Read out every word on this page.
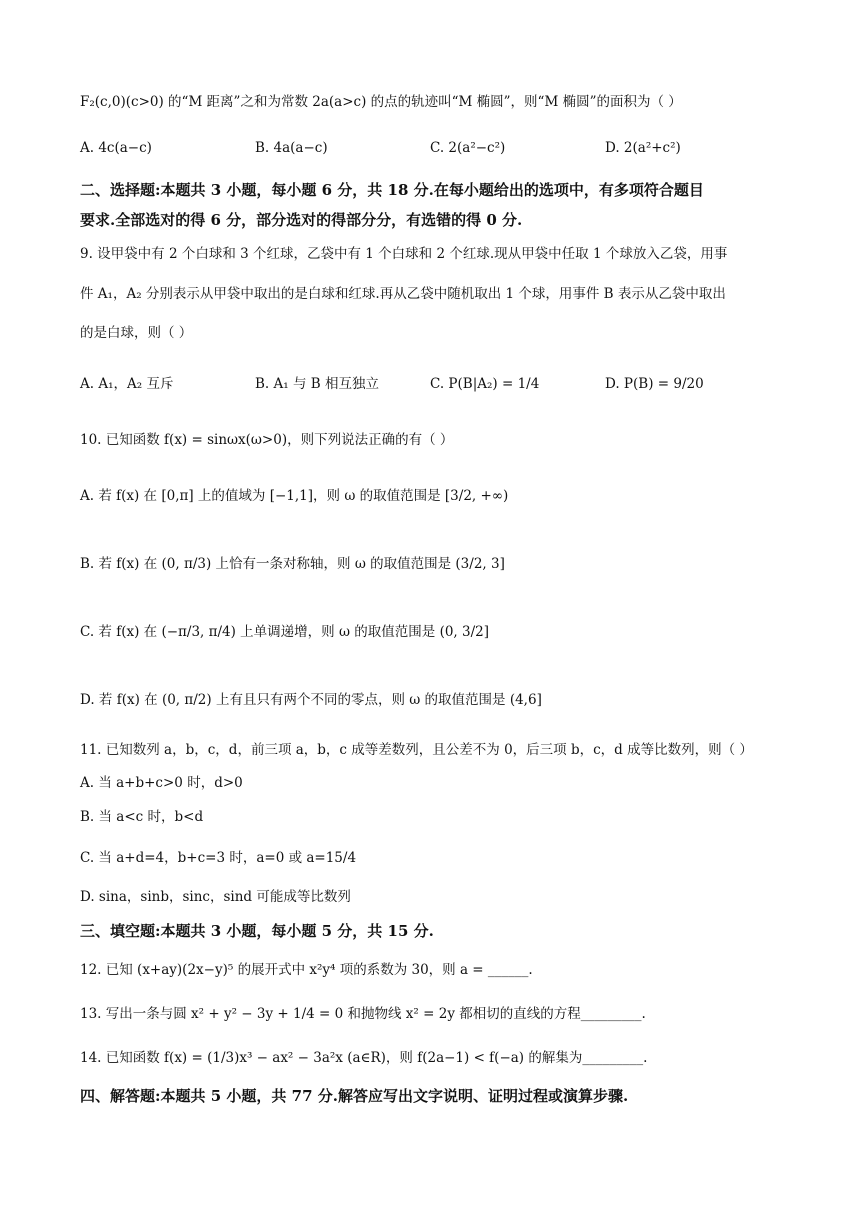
F₂(c,0)(c>0) 的“M 距离”之和为常数 2a(a>c) 的点的轨迹叫“M 椭圆”，则“M 椭圆”的面积为（ ）
A. 4c(a−c)	B. 4a(a−c)	C. 2(a²−c²)	D. 2(a²+c²)
二、选择题:本题共 3 小题，每小题 6 分，共 18 分.在每小题给出的选项中，有多项符合题目
要求.全部选对的得 6 分，部分选对的得部分分，有选错的得 0 分.
9. 设甲袋中有 2 个白球和 3 个红球，乙袋中有 1 个白球和 2 个红球.现从甲袋中任取 1 个球放入乙袋，用事
件 A₁，A₂ 分别表示从甲袋中取出的是白球和红球.再从乙袋中随机取出 1 个球，用事件 B 表示从乙袋中取出
的是白球，则（ ）
A. A₁，A₂ 互斥	B. A₁ 与 B 相互独立	C. P(B|A₂) = 1/4	D. P(B) = 9/20
10. 已知函数 f(x) = sinωx(ω>0)，则下列说法正确的有（ ）
A. 若 f(x) 在 [0,π] 上的值域为 [−1,1]，则 ω 的取值范围是 [3/2, +∞)
B. 若 f(x) 在 (0, π/3) 上恰有一条对称轴，则 ω 的取值范围是 (3/2, 3]
C. 若 f(x) 在 (−π/3, π/4) 上单调递增，则 ω 的取值范围是 (0, 3/2]
D. 若 f(x) 在 (0, π/2) 上有且只有两个不同的零点，则 ω 的取值范围是 (4,6]
11. 已知数列 a，b，c，d，前三项 a，b，c 成等差数列，且公差不为 0，后三项 b，c，d 成等比数列，则（ ）
A. 当 a+b+c>0 时，d>0
B. 当 a<c 时，b<d
C. 当 a+d=4，b+c=3 时，a=0 或 a=15/4
D. sina，sinb，sinc，sind 可能成等比数列
三、填空题:本题共 3 小题，每小题 5 分，共 15 分.
12. 已知 (x+ay)(2x−y)⁵ 的展开式中 x²y⁴ 项的系数为 30，则 a = ______.
13. 写出一条与圆 x² + y² − 3y + 1/4 = 0 和抛物线 x² = 2y 都相切的直线的方程_________.
14. 已知函数 f(x) = (1/3)x³ − ax² − 3a²x (a∈R)，则 f(2a−1) < f(−a) 的解集为_________.
四、解答题:本题共 5 小题，共 77 分.解答应写出文字说明、证明过程或演算步骤.
